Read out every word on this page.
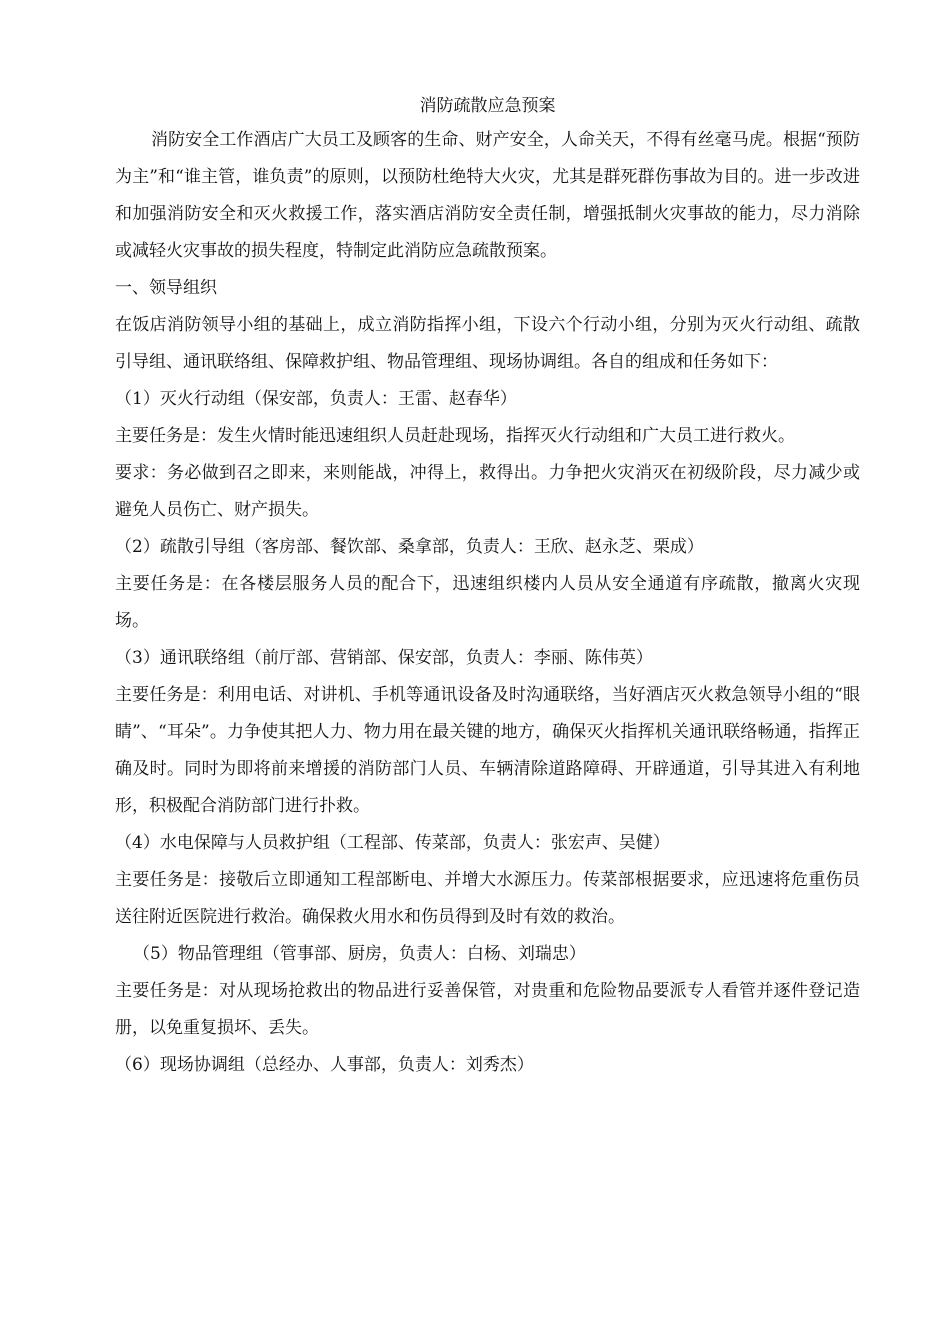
消防疏散应急预案

消防安全工作酒店广大员工及顾客的生命、财产安全，人命关天，不得有丝毫马虎。根据“预防为主”和“谁主管，谁负责”的原则，以预防杜绝特大火灾，尤其是群死群伤事故为目的。进一步改进和加强消防安全和灭火救援工作，落实酒店消防安全责任制，增强抵制火灾事故的能力，尽力消除或减轻火灾事故的损失程度，特制定此消防应急疏散预案。

一、领导组织

在饭店消防领导小组的基础上，成立消防指挥小组，下设六个行动小组，分别为灭火行动组、疏散引导组、通讯联络组、保障救护组、物品管理组、现场协调组。各自的组成和任务如下：

（1）灭火行动组（保安部，负责人：王雷、赵春华）

主要任务是：发生火情时能迅速组织人员赶赴现场，指挥灭火行动组和广大员工进行救火。

要求：务必做到召之即来，来则能战，冲得上，救得出。力争把火灾消灭在初级阶段，尽力减少或避免人员伤亡、财产损失。

（2）疏散引导组（客房部、餐饮部、桑拿部，负责人：王欣、赵永芝、栗成）

主要任务是：在各楼层服务人员的配合下，迅速组织楼内人员从安全通道有序疏散，撤离火灾现场。

（3）通讯联络组（前厅部、营销部、保安部，负责人：李丽、陈伟英）

主要任务是：利用电话、对讲机、手机等通讯设备及时沟通联络，当好酒店灭火救急领导小组的“眼睛”、“耳朵”。力争使其把人力、物力用在最关键的地方，确保灭火指挥机关通讯联络畅通，指挥正确及时。同时为即将前来增援的消防部门人员、车辆清除道路障碍、开辟通道，引导其进入有利地形，积极配合消防部门进行扑救。

（4）水电保障与人员救护组（工程部、传菜部，负责人：张宏声、吴健）

主要任务是：接敬后立即通知工程部断电、并增大水源压力。传菜部根据要求，应迅速将危重伤员送往附近医院进行救治。确保救火用水和伤员得到及时有效的救治。

（5）物品管理组（管事部、厨房，负责人：白杨、刘瑞忠）

主要任务是：对从现场抢救出的物品进行妥善保管，对贵重和危险物品要派专人看管并逐件登记造册，以免重复损坏、丢失。

（6）现场协调组（总经办、人事部，负责人：刘秀杰）
